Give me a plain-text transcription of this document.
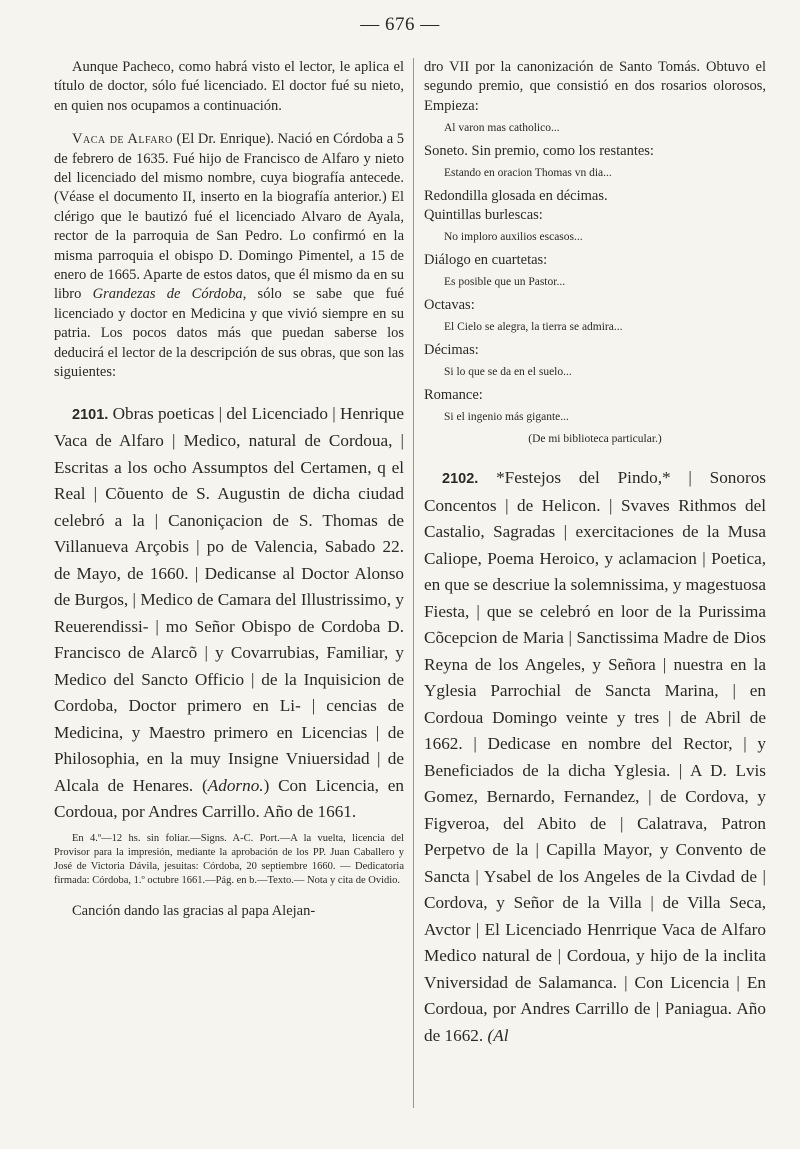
— 676 —

Aunque Pacheco, como habrá visto el lector, le aplica el título de doctor, sólo fué licenciado. El doctor fué su nieto, en quien nos ocupamos a continuación.

Vaca de Alfaro (El Dr. Enrique). Nació en Córdoba a 5 de febrero de 1635. Fué hijo de Francisco de Alfaro y nieto del licenciado del mismo nombre, cuya biografía antecede. (Véase el documento II, inserto en la biografía anterior.) El clérigo que le bautizó fué el licenciado Alvaro de Ayala, rector de la parroquia de San Pedro. Lo confirmó en la misma parroquia el obispo D. Domingo Pimentel, a 15 de enero de 1665. Aparte de estos datos, que él mismo da en su libro Grandezas de Córdoba, sólo se sabe que fué licenciado y doctor en Medicina y que vivió siempre en su patria. Los pocos datos más que puedan saberse los deducirá el lector de la descripción de sus obras, que son las siguientes:

2101. Obras poeticas | del Licenciado | Henrique Vaca de Alfaro | Medico, natural de Cordoua, | Escritas a los ocho Assumptos del Certamen, q el Real | Cõuento de S. Augustin de dicha ciudad celebró a la | Canoniçacion de S. Thomas de Villanueva Arçobis | po de Valencia, Sabado 22. de Mayo, de 1660. | Dedicanse al Doctor Alonso de Burgos, | Medico de Camara del Illustrissimo, y Reuerendissi- | mo Señor Obispo de Cordoba D. Francisco de Alarcõ | y Covarrubias, Familiar, y Medico del Sancto Officio | de la Inquisicion de Cordoba, Doctor primero en Li- | cencias de Medicina, y Maestro primero en Licencias | de Philosophia, en la muy Insigne Vniuersidad | de Alcala de Henares. (Adorno.) Con Licencia, en Cordoua, por Andres Carrillo. Año de 1661.

En 4.º—12 hs. sin foliar.—Signs. A-C. Port.—A la vuelta, licencia del Provisor para la impresión, mediante la aprobación de los PP. Juan Caballero y José de Victoria Dávila, jesuitas: Córdoba, 20 septiembre 1660. — Dedicatoria firmada: Córdoba, 1.º octubre 1661.—Pág. en b.—Texto.— Nota y cita de Ovidio.

Canción dando las gracias al papa Alejan-

dro VII por la canonización de Santo Tomás. Obtuvo el segundo premio, que consistió en dos rosarios olorosos, Empieza:

Al varon mas catholico...

Soneto. Sin premio, como los restantes:

Estando en oracion Thomas vn dia...

Redondilla glosada en décimas.

Quintillas burlescas:

No imploro auxilios escasos...

Diálogo en cuartetas:

Es posible que un Pastor...

Octavas:

El Cielo se alegra, la tierra se admira...

Décimas:

Si lo que se da en el suelo...

Romance:

Si el ingenio más gigante...

(De mi biblioteca particular.)

2102. *Festejos del Pindo,* | Sonoros Concentos | de Helicon. | Svaves Rithmos del Castalio, Sagradas | exercitaciones de la Musa Caliope, Poema Heroico, y aclamacion | Poetica, en que se descriue la solemnissima, y magestuosa Fiesta, | que se celebró en loor de la Purissima Cõcepcion de Maria | Sanctissima Madre de Dios Reyna de los Angeles, y Señora | nuestra en la Yglesia Parrochial de Sancta Marina, | en Cordoua Domingo veinte y tres | de Abril de 1662. | Dedicase en nombre del Rector, | y Beneficiados de la dicha Yglesia. | A D. Lvis Gomez, Bernardo, Fernandez, | de Cordova, y Figveroa, del Abito de | Calatrava, Patron Perpetvo de la | Capilla Mayor, y Convento de Sancta | Ysabel de los Angeles de la Civdad de | Cordova, y Señor de la Villa | de Villa Seca, Avctor | El Licenciado Henrrique Vaca de Alfaro Medico natural de | Cordoua, y hijo de la inclita Vniversidad de Salamanca. | Con Licencia | En Cordoua, por Andres Carrillo de | Paniagua. Año de 1662. (Al
